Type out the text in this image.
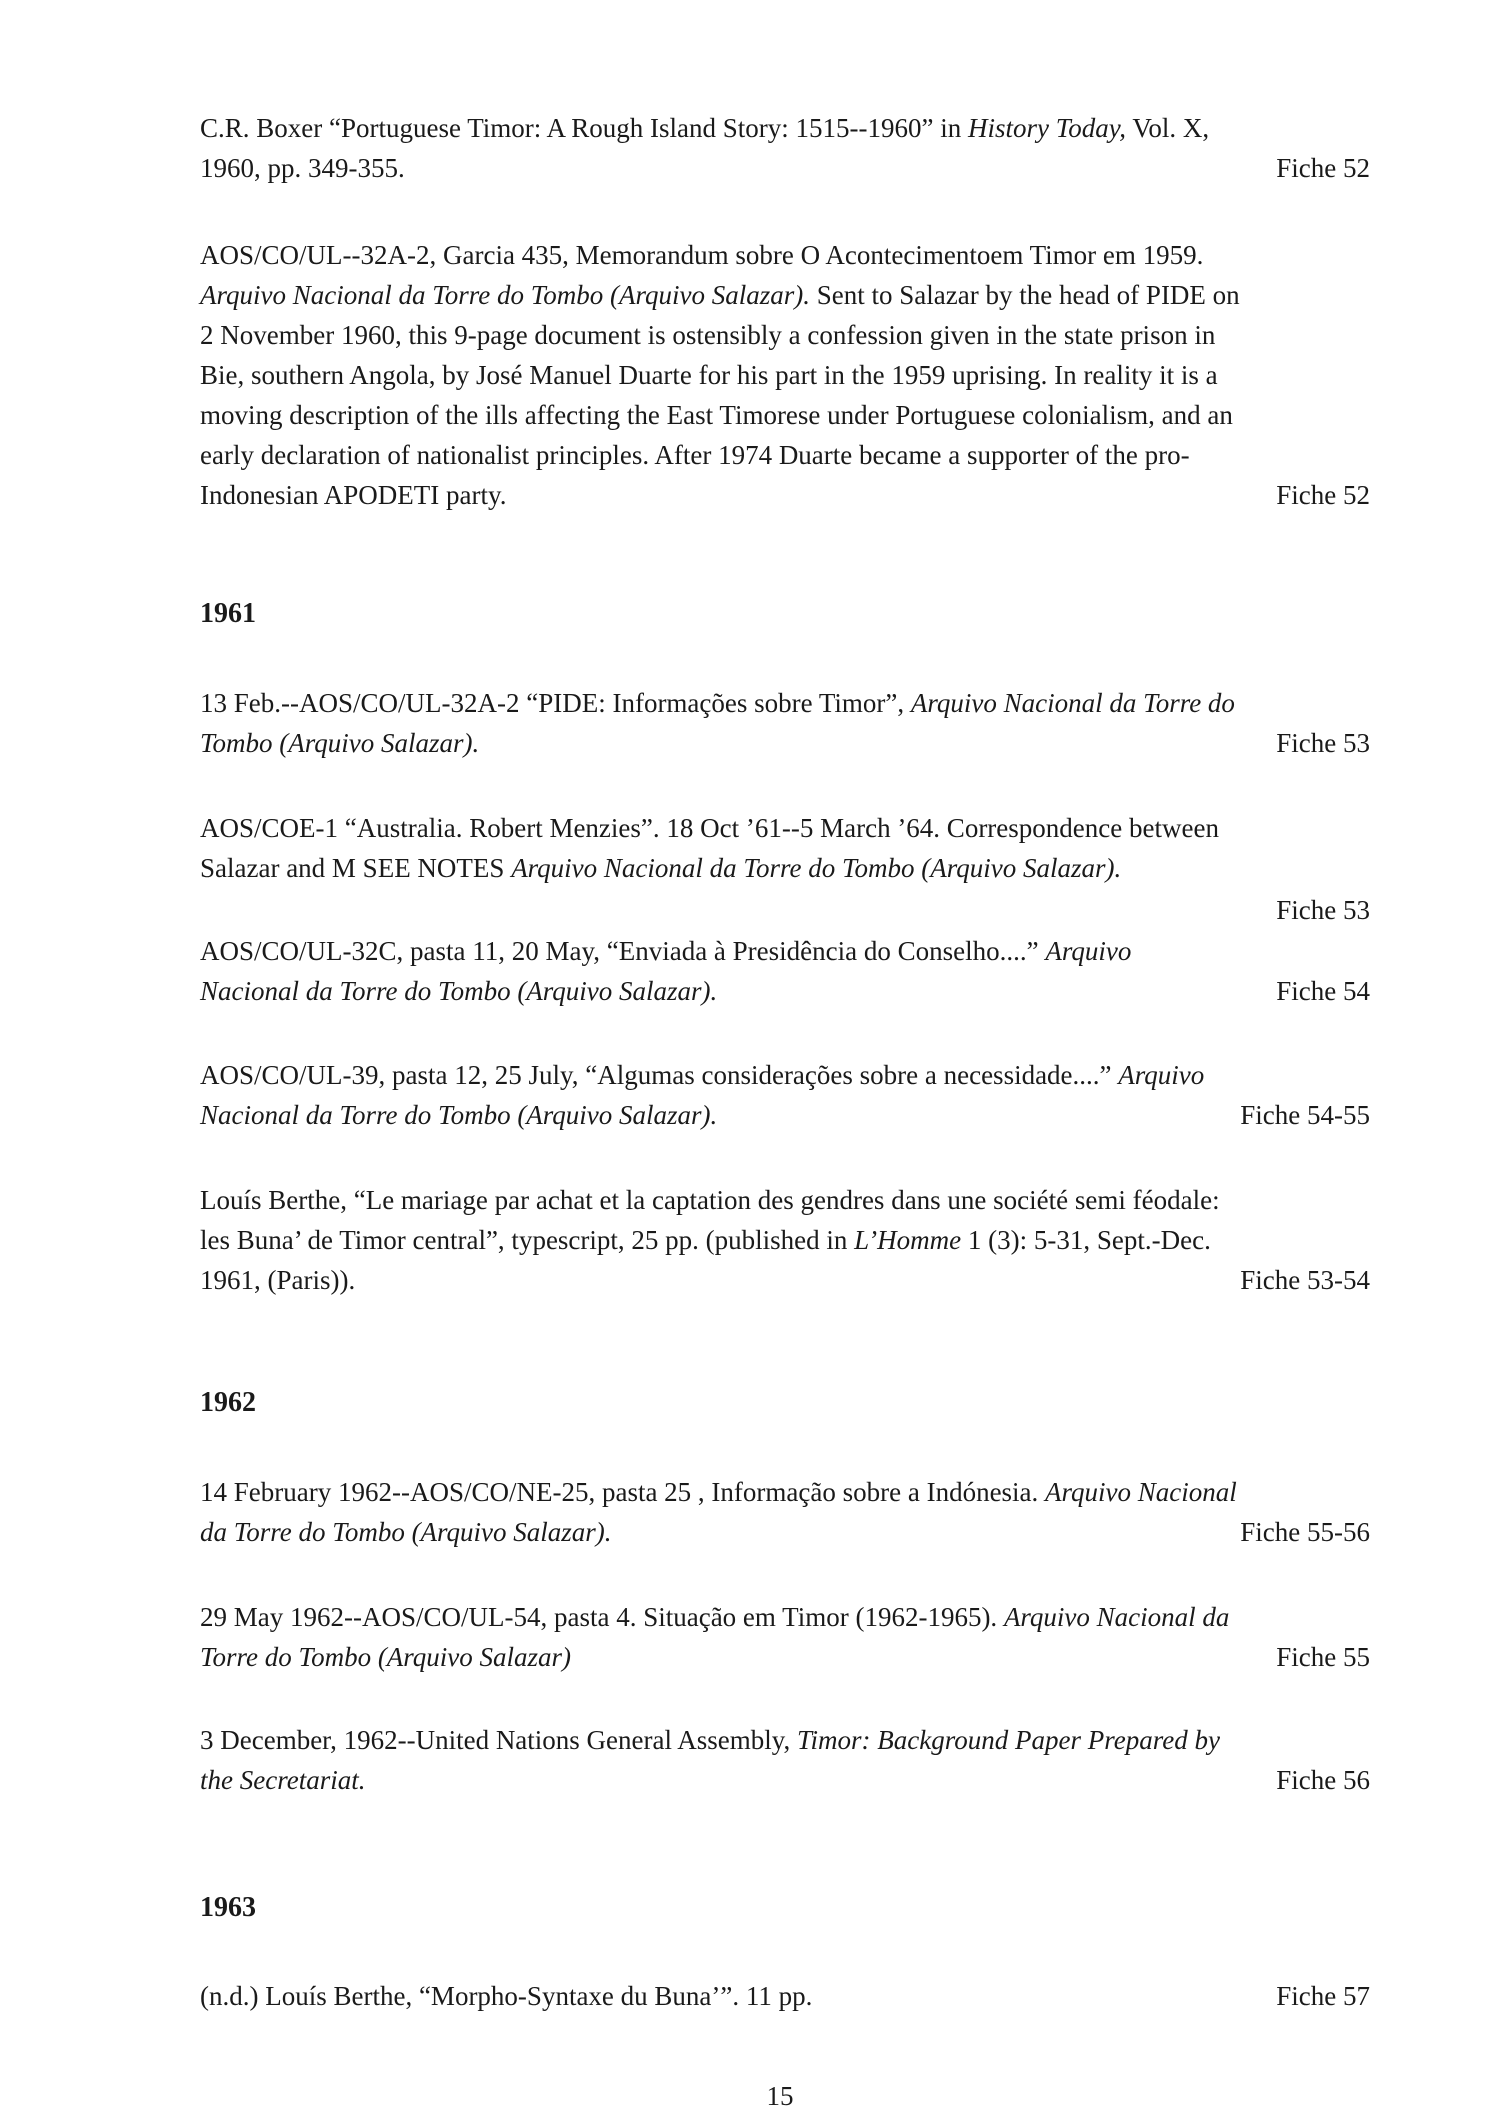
C.R. Boxer “Portuguese Timor: A Rough Island Story: 1515--1960” in History Today, Vol. X,
1960, pp. 349-355.	Fiche 52
AOS/CO/UL--32A-2, Garcia 435, Memorandum sobre O Acontecimentoem Timor em 1959.
Arquivo Nacional da Torre do Tombo (Arquivo Salazar). Sent to Salazar by the head of PIDE on
2 November 1960, this 9-page document is ostensibly a confession given in the state prison in
Bie, southern Angola, by José Manuel Duarte for his part in the 1959 uprising. In reality it is a
moving description of the ills affecting the East Timorese under Portuguese colonialism, and an
early declaration of nationalist principles. After 1974 Duarte became a supporter of the pro-
Indonesian APODETI party.	Fiche 52
1961
13 Feb.--AOS/CO/UL-32A-2 “PIDE: Informações sobre Timor”, Arquivo Nacional da Torre do
Tombo (Arquivo Salazar).	Fiche 53
AOS/COE-1 “Australia. Robert Menzies”. 18 Oct ’61--5 March ’64. Correspondence between
Salazar and M SEE NOTES Arquivo Nacional da Torre do Tombo (Arquivo Salazar).
Fiche 53
AOS/CO/UL-32C, pasta 11, 20 May, “Enviada à Presidência do Conselho....” Arquivo
Nacional da Torre do Tombo (Arquivo Salazar).	Fiche 54
AOS/CO/UL-39, pasta 12, 25 July, “Algumas considerações sobre a necessidade....” Arquivo
Nacional da Torre do Tombo (Arquivo Salazar).	Fiche 54-55
Louís Berthe, “Le mariage par achat et la captation des gendres dans une société semi féodale:
les Buna’ de Timor central”, typescript, 25 pp. (published in L’Homme 1 (3): 5-31, Sept.-Dec.
1961, (Paris)).	Fiche 53-54
1962
14 February 1962--AOS/CO/NE-25, pasta 25 , Informação sobre a Indónesia. Arquivo Nacional
da Torre do Tombo (Arquivo Salazar).	Fiche 55-56
29 May 1962--AOS/CO/UL-54, pasta 4. Situação em Timor (1962-1965). Arquivo Nacional da
Torre do Tombo (Arquivo Salazar)	Fiche 55
3 December, 1962--United Nations General Assembly, Timor: Background Paper Prepared by
the Secretariat.	Fiche 56
1963
(n.d.) Louís Berthe, “Morpho-Syntaxe du Buna’”. 11 pp.	Fiche 57
15
